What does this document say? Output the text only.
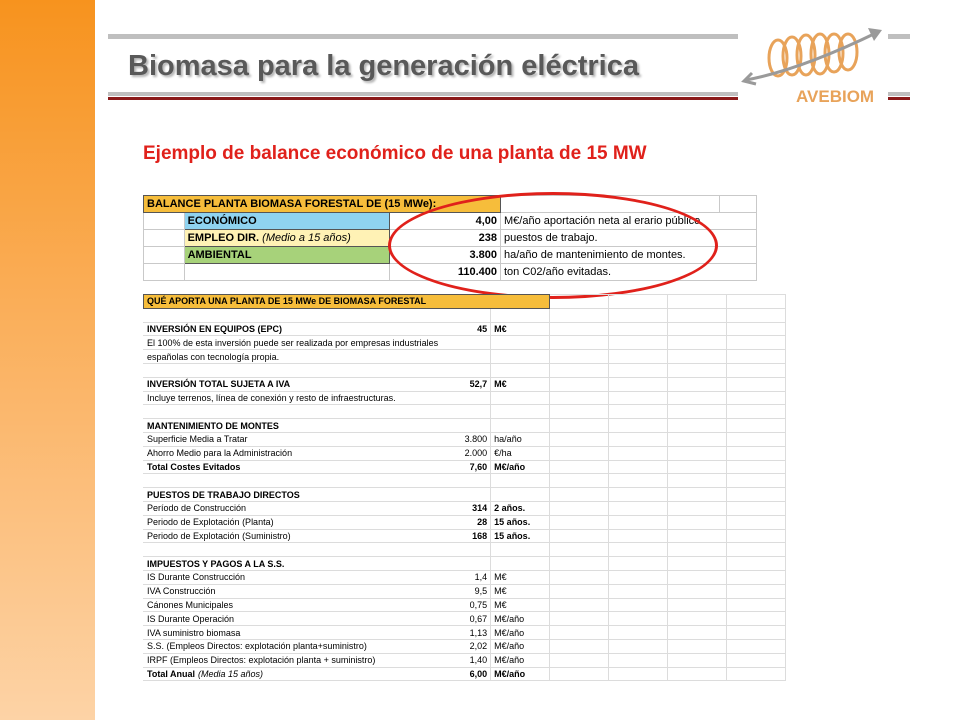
Biomasa para la generación eléctrica
AVEBIOM
Ejemplo de balance económico de una planta de 15 MW
BALANCE PLANTA BIOMASA FORESTAL DE (15 MWe):				
	ECONÓMICO	4,00	M€/año aportación neta al erario público.	
	EMPLEO DIR. (Medio a 15 años)	238	puestos de trabajo.	
	AMBIENTAL	3.800	ha/año de mantenimiento de montes.	
		110.400	ton C02/año evitadas.	
QUÉ APORTA UNA PLANTA DE 15 MWe DE BIOMASA FORESTAL						

INVERSIÓN EN EQUIPOS (EPC)	45	M€				
El 100% de esta inversión puede ser realizada por empresas industriales						
españolas con tecnología propia.						

INVERSIÓN TOTAL SUJETA A IVA	52,7	M€				
Incluye terrenos, línea de conexión y resto de infraestructuras.						

MANTENIMIENTO DE MONTES						
Superficie Media a Tratar	3.800	ha/año				
Ahorro Medio para la Administración	2.000	€/ha				
Total Costes Evitados	7,60	M€/año				

PUESTOS DE TRABAJO DIRECTOS						
Período de Construcción	314	2 años.				
Periodo de Explotación (Planta)	28	15 años.				
Periodo de Explotación (Suministro)	168	15 años.				

IMPUESTOS Y PAGOS A LA S.S.						
IS Durante Construcción	1,4	M€				
IVA Construcción	9,5	M€				
Cánones Municipales	0,75	M€				
IS Durante Operación	0,67	M€/año				
IVA suministro biomasa	1,13	M€/año				
S.S. (Empleos Directos: explotación planta+suministro)	2,02	M€/año				
IRPF (Empleos Directos: explotación planta + suministro)	1,40	M€/año				
Total Anual (Media 15 años)	6,00	M€/año				
